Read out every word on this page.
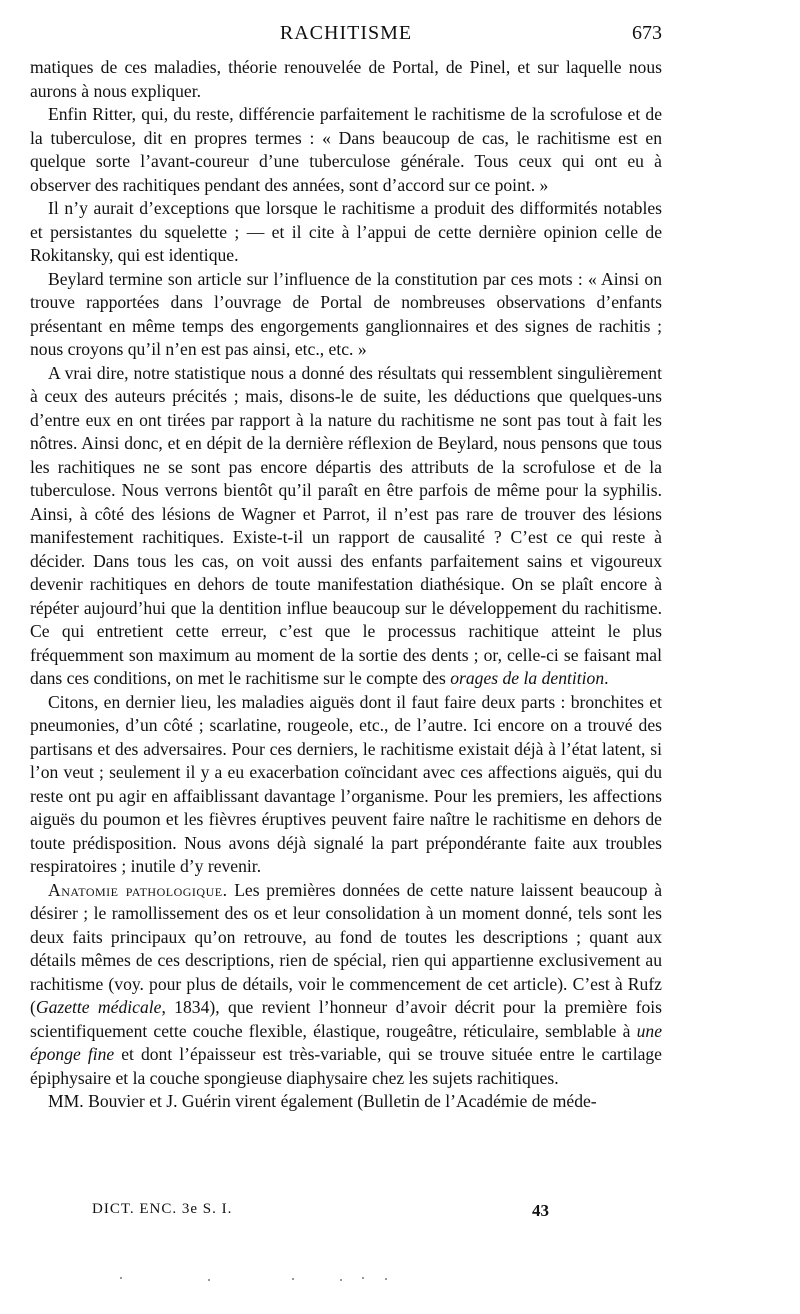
RACHITISME	673

matiques de ces maladies, théorie renouvelée de Portal, de Pinel, et sur laquelle nous aurons à nous expliquer.

Enfin Ritter, qui, du reste, différencie parfaitement le rachitisme de la scrofulose et de la tuberculose, dit en propres termes : « Dans beaucoup de cas, le rachitisme est en quelque sorte l’avant-coureur d’une tuberculose générale. Tous ceux qui ont eu à observer des rachitiques pendant des années, sont d’accord sur ce point. »

Il n’y aurait d’exceptions que lorsque le rachitisme a produit des difformités notables et persistantes du squelette ; — et il cite à l’appui de cette dernière opinion celle de Rokitansky, qui est identique.

Beylard termine son article sur l’influence de la constitution par ces mots : « Ainsi on trouve rapportées dans l’ouvrage de Portal de nombreuses observations d’enfants présentant en même temps des engorgements ganglionnaires et des signes de rachitis ; nous croyons qu’il n’en est pas ainsi, etc., etc. »

A vrai dire, notre statistique nous a donné des résultats qui ressemblent singulièrement à ceux des auteurs précités ; mais, disons-le de suite, les déductions que quelques-uns d’entre eux en ont tirées par rapport à la nature du rachitisme ne sont pas tout à fait les nôtres. Ainsi donc, et en dépit de la dernière réflexion de Beylard, nous pensons que tous les rachitiques ne se sont pas encore départis des attributs de la scrofulose et de la tuberculose. Nous verrons bientôt qu’il paraît en être parfois de même pour la syphilis. Ainsi, à côté des lésions de Wagner et Parrot, il n’est pas rare de trouver des lésions manifestement rachitiques. Existe-t-il un rapport de causalité ? C’est ce qui reste à décider. Dans tous les cas, on voit aussi des enfants parfaitement sains et vigoureux devenir rachitiques en dehors de toute manifestation diathésique. On se plaît encore à répéter aujourd’hui que la dentition influe beaucoup sur le développement du rachitisme. Ce qui entretient cette erreur, c’est que le processus rachitique atteint le plus fréquemment son maximum au moment de la sortie des dents ; or, celle-ci se faisant mal dans ces conditions, on met le rachitisme sur le compte des orages de la dentition.

Citons, en dernier lieu, les maladies aiguës dont il faut faire deux parts : bronchites et pneumonies, d’un côté ; scarlatine, rougeole, etc., de l’autre. Ici encore on a trouvé des partisans et des adversaires. Pour ces derniers, le rachitisme existait déjà à l’état latent, si l’on veut ; seulement il y a eu exacerbation coïncidant avec ces affections aiguës, qui du reste ont pu agir en affaiblissant davantage l’organisme. Pour les premiers, les affections aiguës du poumon et les fièvres éruptives peuvent faire naître le rachitisme en dehors de toute prédisposition. Nous avons déjà signalé la part prépondérante faite aux troubles respiratoires ; inutile d’y revenir.

Anatomie pathologique. Les premières données de cette nature laissent beaucoup à désirer ; le ramollissement des os et leur consolidation à un moment donné, tels sont les deux faits principaux qu’on retrouve, au fond de toutes les descriptions ; quant aux détails mêmes de ces descriptions, rien de spécial, rien qui appartienne exclusivement au rachitisme (voy. pour plus de détails, voir le commencement de cet article). C’est à Rufz (Gazette médicale, 1834), que revient l’honneur d’avoir décrit pour la première fois scientifiquement cette couche flexible, élastique, rougeâtre, réticulaire, semblable à une éponge fine et dont l’épaisseur est très-variable, qui se trouve située entre le cartilage épiphysaire et la couche spongieuse diaphysaire chez les sujets rachitiques.

MM. Bouvier et J. Guérin virent également (Bulletin de l’Académie de méde-

DICT. ENC. 3e S. I.	43
